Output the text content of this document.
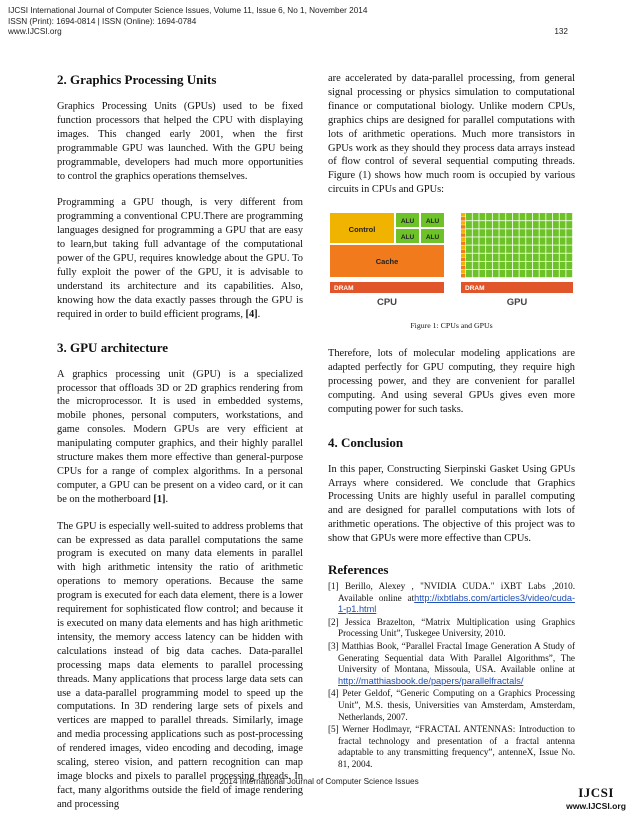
IJCSI International Journal of Computer Science Issues, Volume 11, Issue 6, No 1, November 2014
ISSN (Print): 1694-0814 | ISSN (Online): 1694-0784
www.IJCSI.org	132
2. Graphics Processing Units

Graphics Processing Units (GPUs) used to be fixed function processors that helped the CPU with displaying images. This changed early 2001, when the first programmable GPU was launched. With the GPU being programmable, developers had much more opportunities to control the graphics operations themselves.

Programming a GPU though, is very different from programming a conventional CPU.There are programming languages designed for programming a GPU that are easy to learn,but taking full advantage of the computational power of the GPU, requires knowledge about the GPU. To fully exploit the power of the GPU, it is advisable to understand its architecture and its capabilities. Also, knowing how the data exactly passes through the GPU is required in order to build efficient programs, [4].

3. GPU architecture

A graphics processing unit (GPU) is a specialized processor that offloads 3D or 2D graphics rendering from the microprocessor. It is used in embedded systems, mobile phones, personal computers, workstations, and game consoles. Modern GPUs are very efficient at manipulating computer graphics, and their highly parallel structure makes them more effective than general-purpose CPUs for a range of complex algorithms. In a personal computer, a GPU can be present on a video card, or it can be on the motherboard [1].

The GPU is especially well-suited to address problems that can be expressed as data parallel computations the same program is executed on many data elements in parallel with high arithmetic intensity the ratio of arithmetic operations to memory operations. Because the same program is executed for each data element, there is a lower requirement for sophisticated flow control; and because it is executed on many data elements and has high arithmetic intensity, the memory access latency can be hidden with calculations instead of big data caches. Data-parallel processing maps data elements to parallel processing threads. Many applications that process large data sets can use a data-parallel programming model to speed up the computations. In 3D rendering large sets of pixels and vertices are mapped to parallel threads. Similarly, image and media processing applications such as post-processing of rendered images, video encoding and decoding, image scaling, stereo vision, and pattern recognition can map image blocks and pixels to parallel processing threads. In fact, many algorithms outside the field of image rendering and processing

are accelerated by data-parallel processing, from general signal processing or physics simulation to computational finance or computational biology. Unlike modern CPUs, graphics chips are designed for parallel computations with lots of arithmetic operations. Much more transistors in GPUs work as they should they process data arrays instead of flow control of several sequential computing threads. Figure (1) shows how much room is occupied by various circuits in CPUs and GPUs:

Control
ALU ALU
ALU ALU
Cache
DRAM
CPU
DRAM
GPU
Figure 1: CPUs and GPUs

Therefore, lots of molecular modeling applications are adapted perfectly for GPU computing, they require high processing power, and they are convenient for parallel computing. And using several GPUs gives even more computing power for such tasks.

4. Conclusion

In this paper, Constructing Sierpinski Gasket Using GPUs Arrays where considered. We conclude that Graphics Processing Units are highly useful in parallel computing and are designed for parallel computations with lots of arithmetic operations. The objective of this project was to show that GPUs were more effective than CPUs.

References
[1] Berillo, Alexey , "NVIDIA CUDA." iXBT Labs ,2010. Available online athttp://ixbtlabs.com/articles3/video/cuda-1-p1.html
[2] Jessica Brazelton, “Matrix Multiplication using Graphics Processing Unit”, Tuskegee University, 2010.
[3] Matthias Book, “Parallel Fractal Image Generation A Study of Generating Sequential data With Parallel Algorithms”, The University of Montana, Missoula, USA. Available online at http://matthiasbook.de/papers/parallelfractals/
[4] Peter Geldof, “Generic Computing on a Graphics Processing Unit”, M.S. thesis, Universities van Amsterdam, Amsterdam, Netherlands, 2007.
[5] Werner Hodlmayr, “FRACTAL ANTENNAS: Introduction to fractal technology and presentation of a fractal antenna adaptable to any transmitting frequency”, antenneX, Issue No. 81, 2004.
2014 International Journal of Computer Science Issues
IJCSI
www.IJCSI.org
